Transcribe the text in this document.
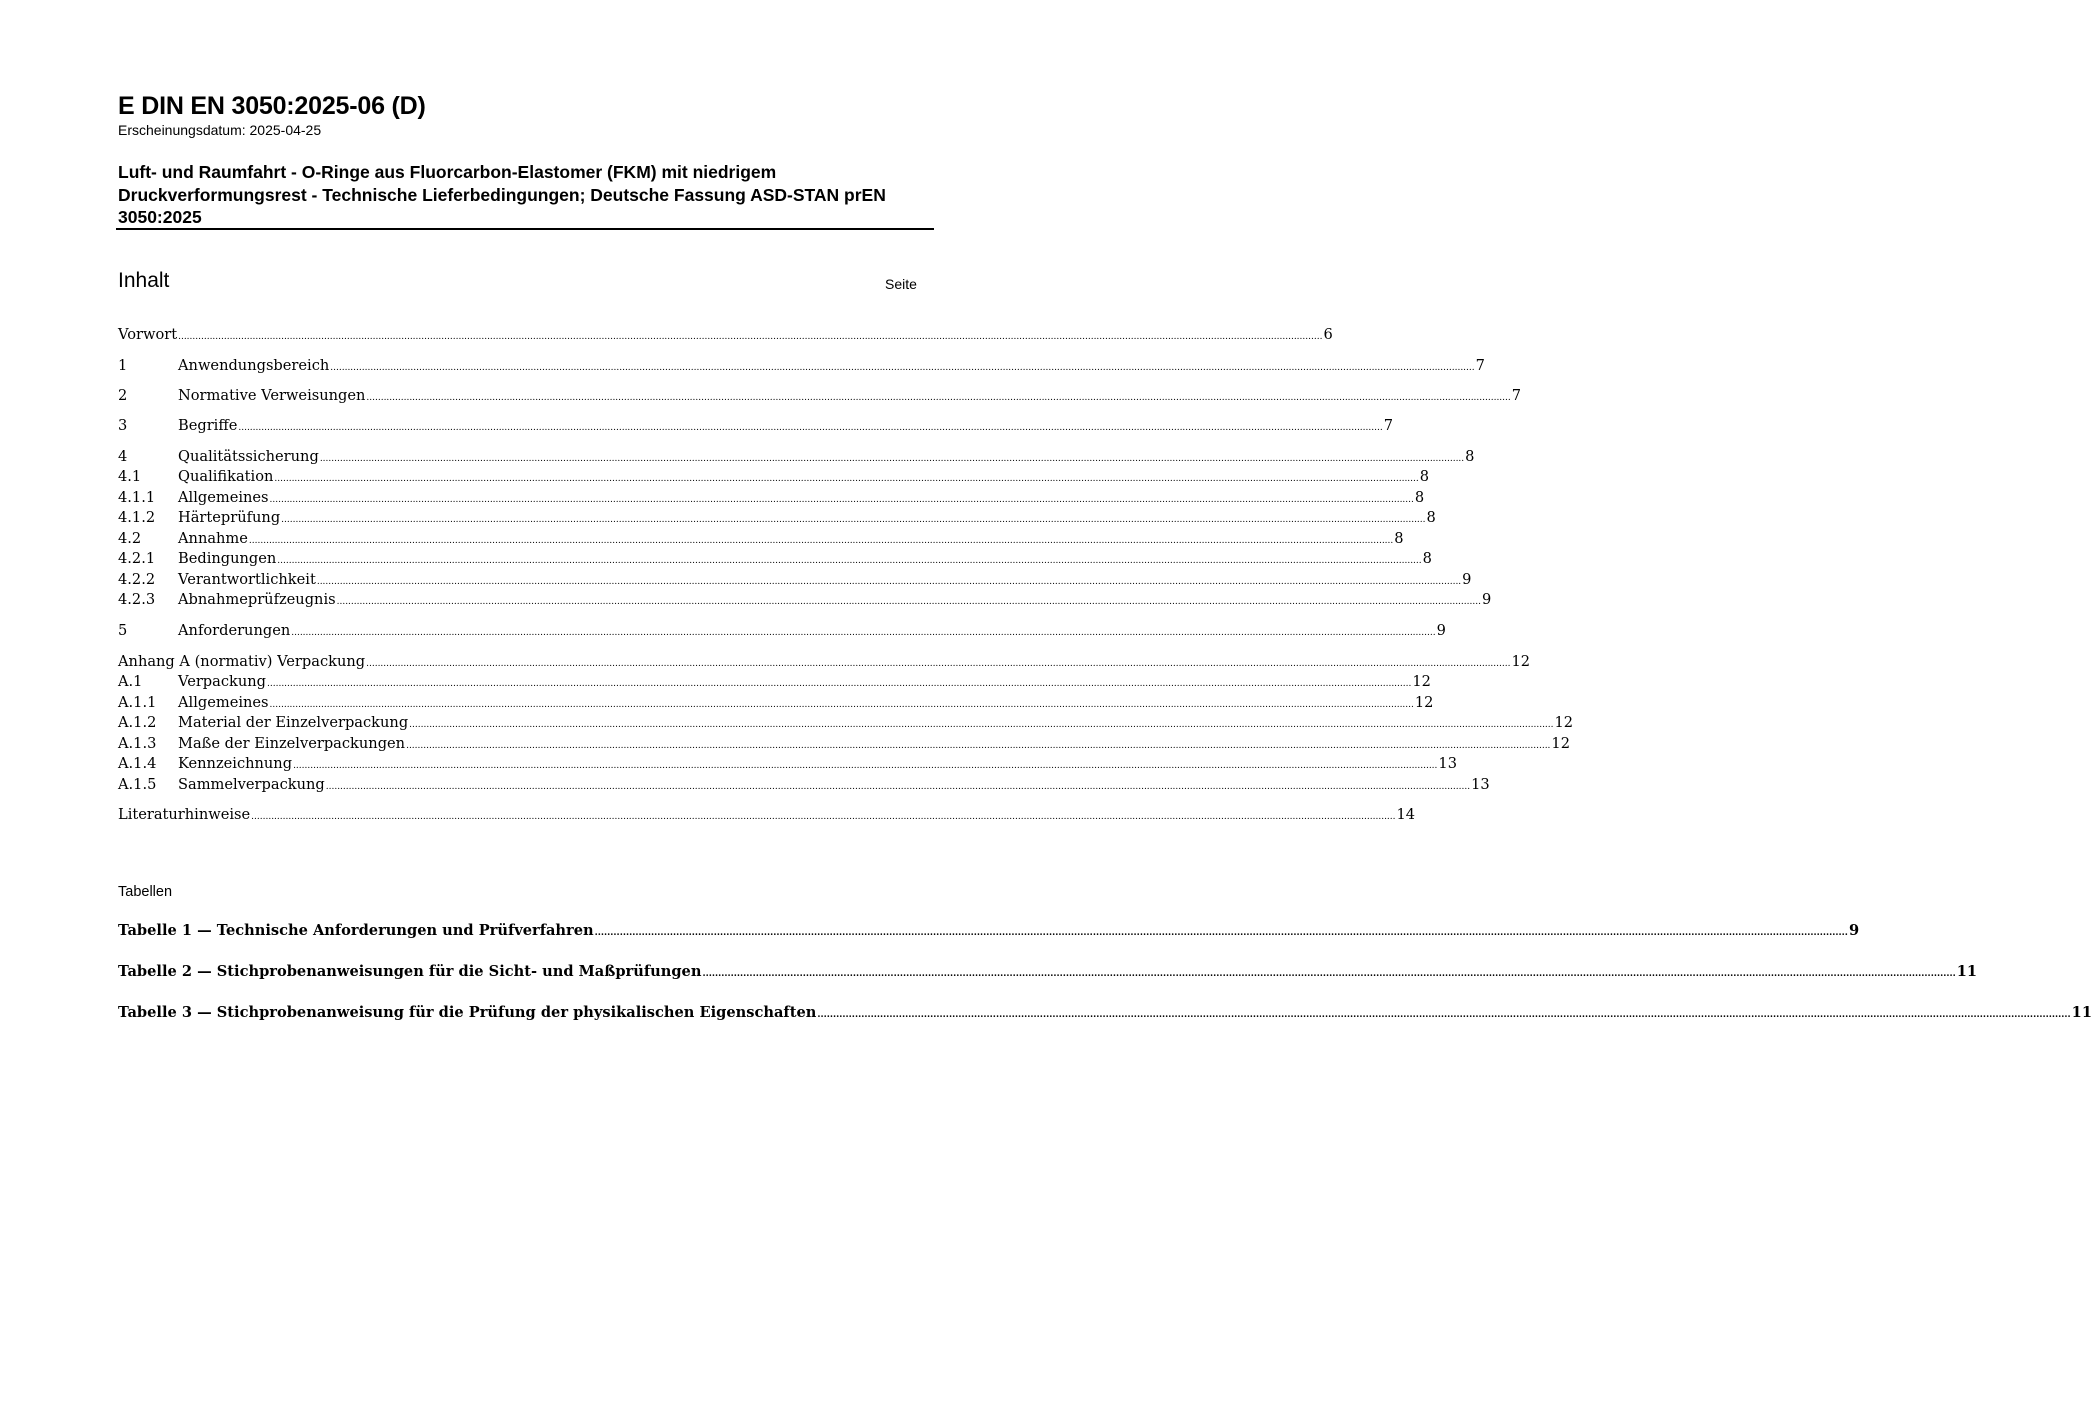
E DIN EN 3050:2025-06 (D)
Erscheinungsdatum: 2025-04-25
Luft- und Raumfahrt - O-Ringe aus Fluorcarbon-Elastomer (FKM) mit niedrigem Druckverformungsrest - Technische Lieferbedingungen; Deutsche Fassung ASD-STAN prEN 3050:2025
Inhalt	Seite
Vorwort ................................................................................................................................................................................................................................................................................................................................................................................................................ 6
1	Anwendungsbereich ................................................................................................................................................................................................................................................................................................................................................................................................................ 7
2	Normative Verweisungen ................................................................................................................................................................................................................................................................................................................................................................................................................ 7
3	Begriffe ................................................................................................................................................................................................................................................................................................................................................................................................................ 7
4	Qualitätssicherung ................................................................................................................................................................................................................................................................................................................................................................................................................ 8
4.1	Qualifikation ................................................................................................................................................................................................................................................................................................................................................................................................................ 8
4.1.1	Allgemeines ................................................................................................................................................................................................................................................................................................................................................................................................................ 8
4.1.2	Härteprüfung ................................................................................................................................................................................................................................................................................................................................................................................................................ 8
4.2	Annahme ................................................................................................................................................................................................................................................................................................................................................................................................................ 8
4.2.1	Bedingungen ................................................................................................................................................................................................................................................................................................................................................................................................................ 8
4.2.2	Verantwortlichkeit ................................................................................................................................................................................................................................................................................................................................................................................................................ 9
4.2.3	Abnahmeprüfzeugnis ................................................................................................................................................................................................................................................................................................................................................................................................................ 9
5	Anforderungen ................................................................................................................................................................................................................................................................................................................................................................................................................ 9
Anhang A (normativ) Verpackung ................................................................................................................................................................................................................................................................................................................................................................................................................ 12
A.1	Verpackung ................................................................................................................................................................................................................................................................................................................................................................................................................ 12
A.1.1	Allgemeines ................................................................................................................................................................................................................................................................................................................................................................................................................ 12
A.1.2	Material der Einzelverpackung ................................................................................................................................................................................................................................................................................................................................................................................................................ 12
A.1.3	Maße der Einzelverpackungen ................................................................................................................................................................................................................................................................................................................................................................................................................ 12
A.1.4	Kennzeichnung ................................................................................................................................................................................................................................................................................................................................................................................................................ 13
A.1.5	Sammelverpackung ................................................................................................................................................................................................................................................................................................................................................................................................................ 13
Literaturhinweise ................................................................................................................................................................................................................................................................................................................................................................................................................ 14
Tabellen
Tabelle 1 — Technische Anforderungen und Prüfverfahren ................................................................................................................................................................................................................................................................................................................................................................................................................ 9
Tabelle 2 — Stichprobenanweisungen für die Sicht- und Maßprüfungen ................................................................................................................................................................................................................................................................................................................................................................................................................ 11
Tabelle 3 — Stichprobenanweisung für die Prüfung der physikalischen Eigenschaften ................................................................................................................................................................................................................................................................................................................................................................................................................ 11
